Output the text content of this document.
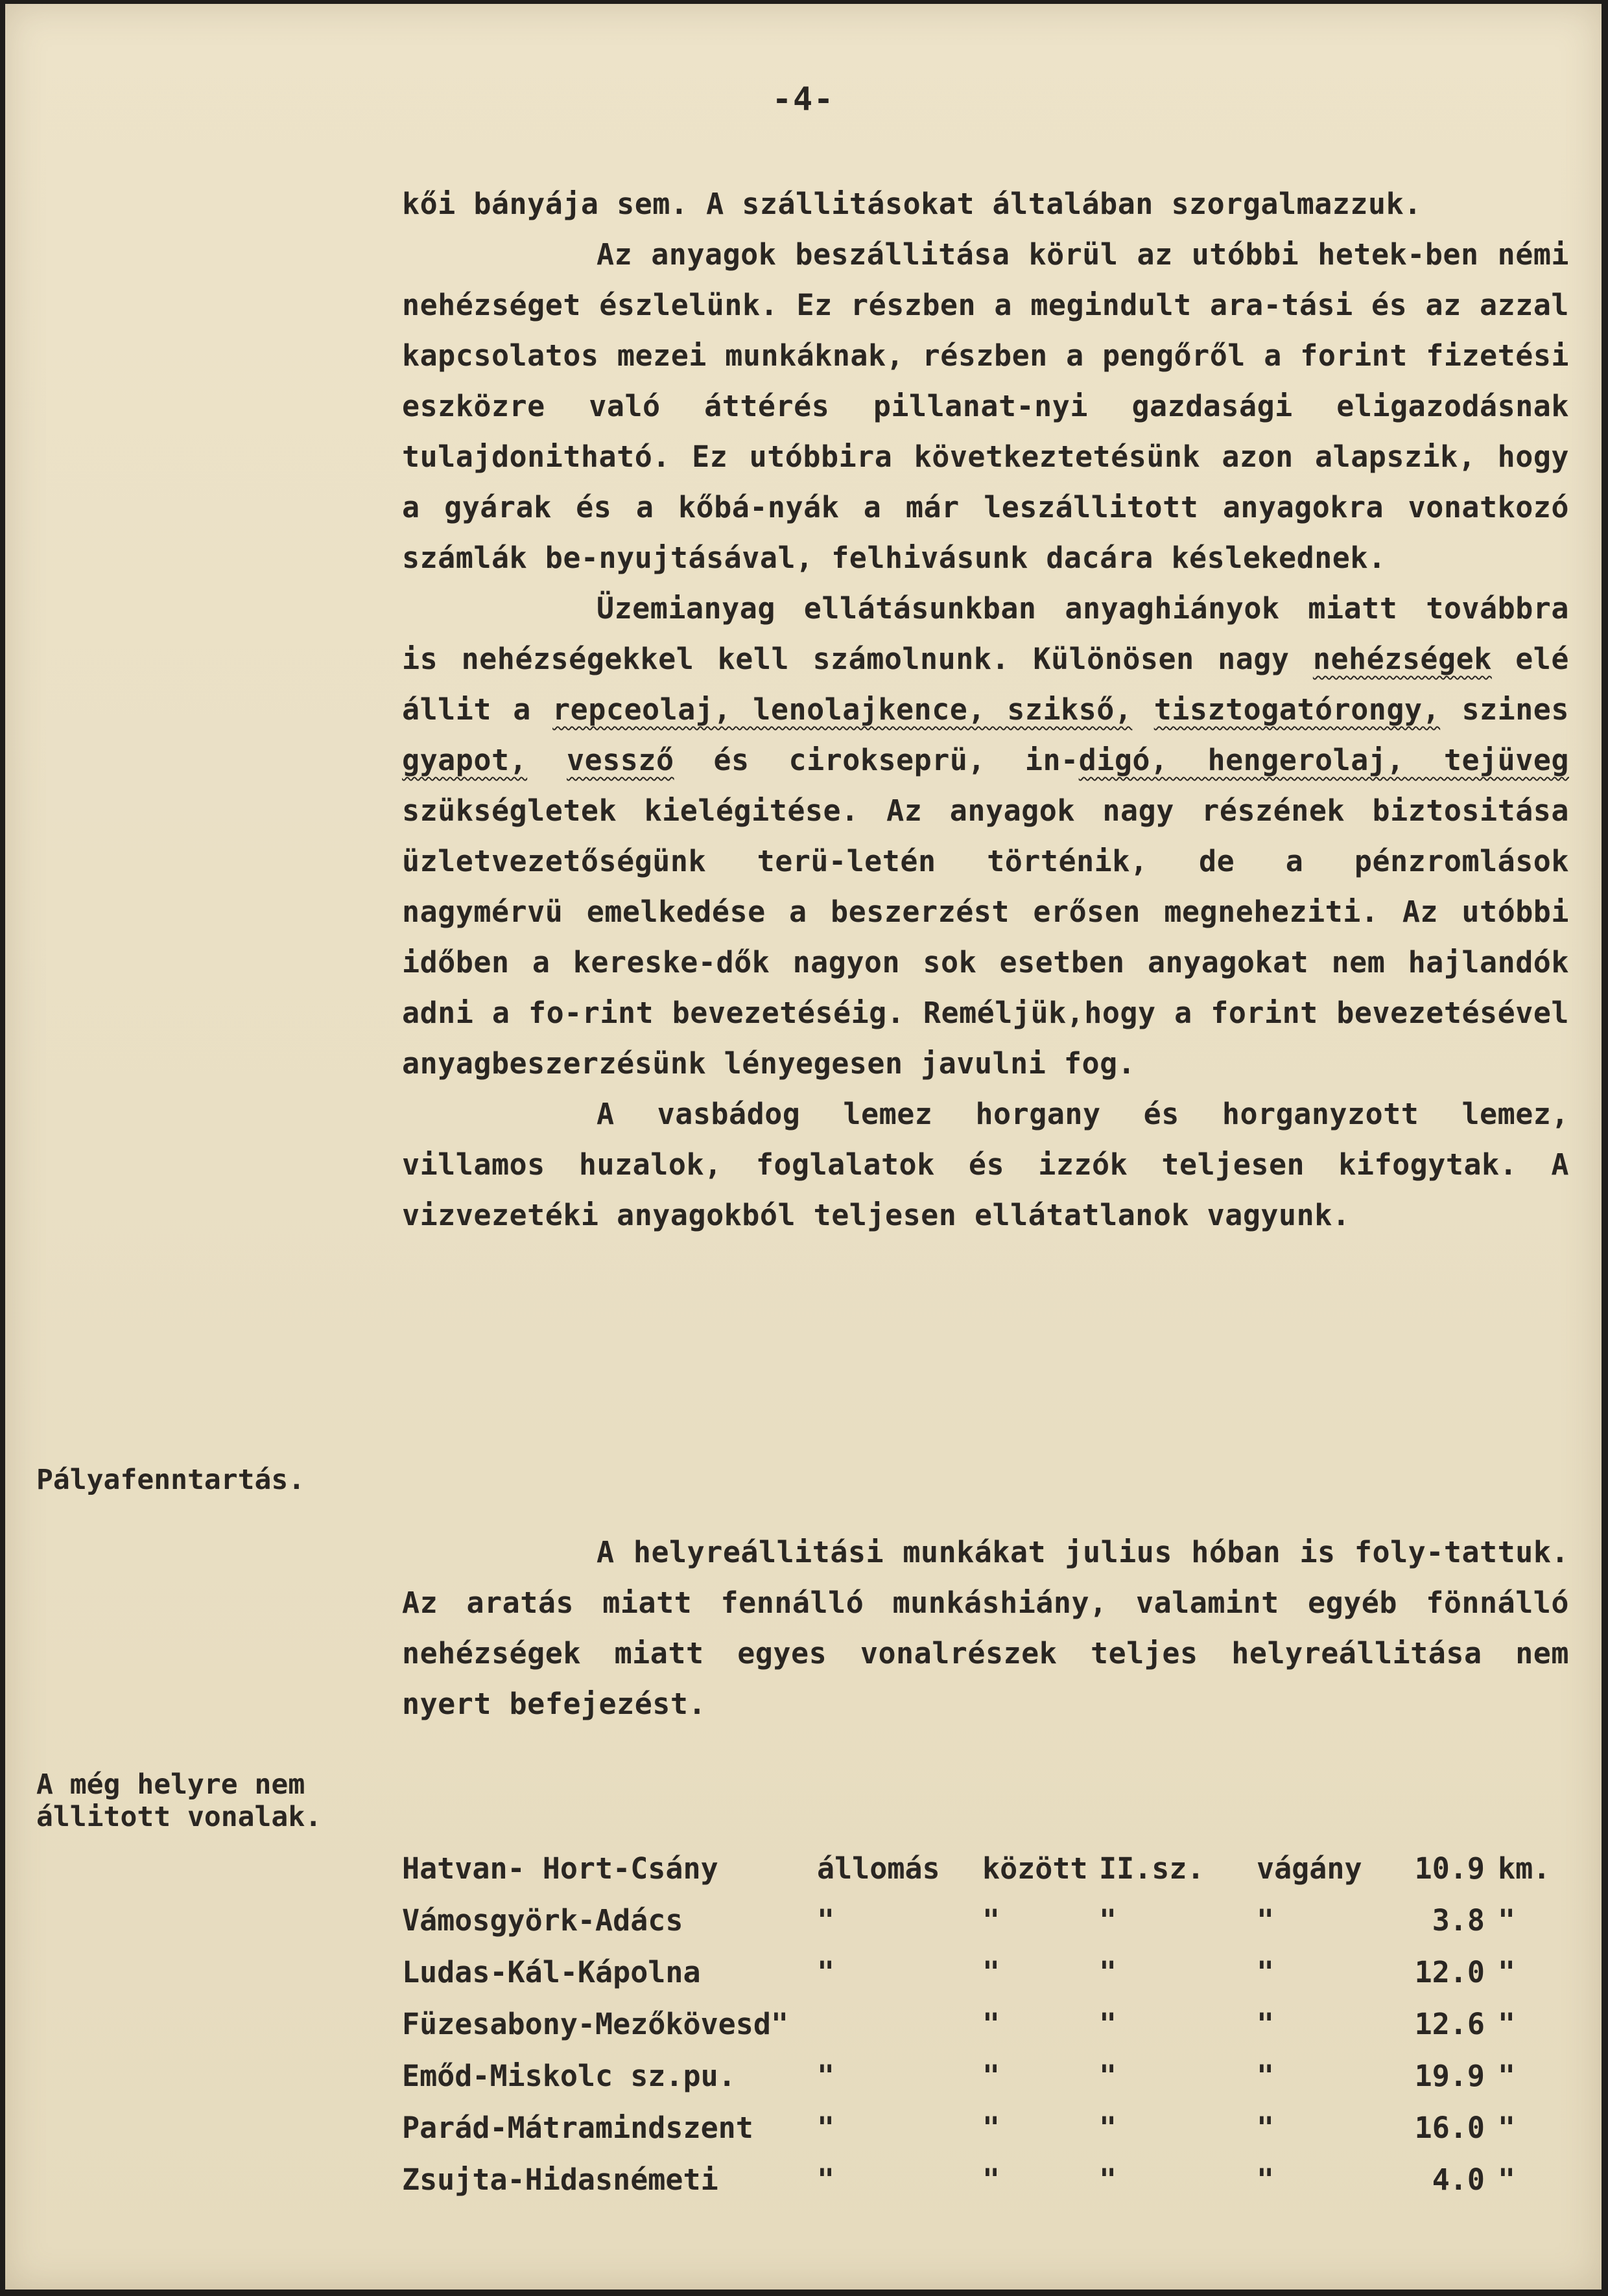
-4-

kői bányája sem. A szállitásokat általában szorgalmazzuk.

Az anyagok beszállitása körül az utóbbi hetek-ben némi nehézséget észlelünk. Ez részben a megindult ara-tási és az azzal kapcsolatos mezei munkáknak, részben a pengőről a forint fizetési eszközre való áttérés pillanat-nyi gazdasági eligazodásnak tulajdonitható. Ez utóbbira következtetésünk azon alapszik, hogy a gyárak és a kőbá-nyák a már leszállitott anyagokra vonatkozó számlák be-nyujtásával, felhivásunk dacára késlekednek.

Üzemianyag ellátásunkban anyaghiányok miatt továbbra is nehézségekkel kell számolnunk. Különösen nagy nehézségek elé állit a repceolaj, lenolajkence, szikső, tisztogatórongy, szines gyapot, vessző és cirokseprü, in-digó, hengerolaj, tejüveg szükségletek kielégitése. Az anyagok nagy részének biztositása üzletvezetőségünk terü-letén történik, de a pénzromlások nagymérvü emelkedése a beszerzést erősen megneheziti. Az utóbbi időben a kereske-dők nagyon sok esetben anyagokat nem hajlandók adni a fo-rint bevezetéséig. Reméljük,hogy a forint bevezetésével anyagbeszerzésünk lényegesen javulni fog.

A vasbádog lemez horgany és horganyzott lemez, villamos huzalok, foglalatok és izzók teljesen kifogytak. A vizvezetéki anyagokból teljesen ellátatlanok vagyunk.

Pályafenntartás.

A helyreállitási munkákat julius hóban is foly-tattuk. Az aratás miatt fennálló munkáshiány, valamint egyéb fönnálló nehézségek miatt egyes vonalrészek teljes helyreállitása nem nyert befejezést.

A még helyre nem
állitott vonalak.
Hatvan- Hort-Csány	állomás között II.sz. vágány	10.9 km.
Vámosgyörk-Adács	"	"	"	"	3.8 "
Ludas-Kál-Kápolna	"	"	"	"	12.0 "
Füzesabony-Mezőkövesd"	"	"	"	12.6 "
Emőd-Miskolc sz.pu.	"	"	"	"	19.9 "
Parád-Mátramindszent "	"	"	"	16.0 "
Zsujta-Hidasnémeti	"	"	"	"	4.0 "
